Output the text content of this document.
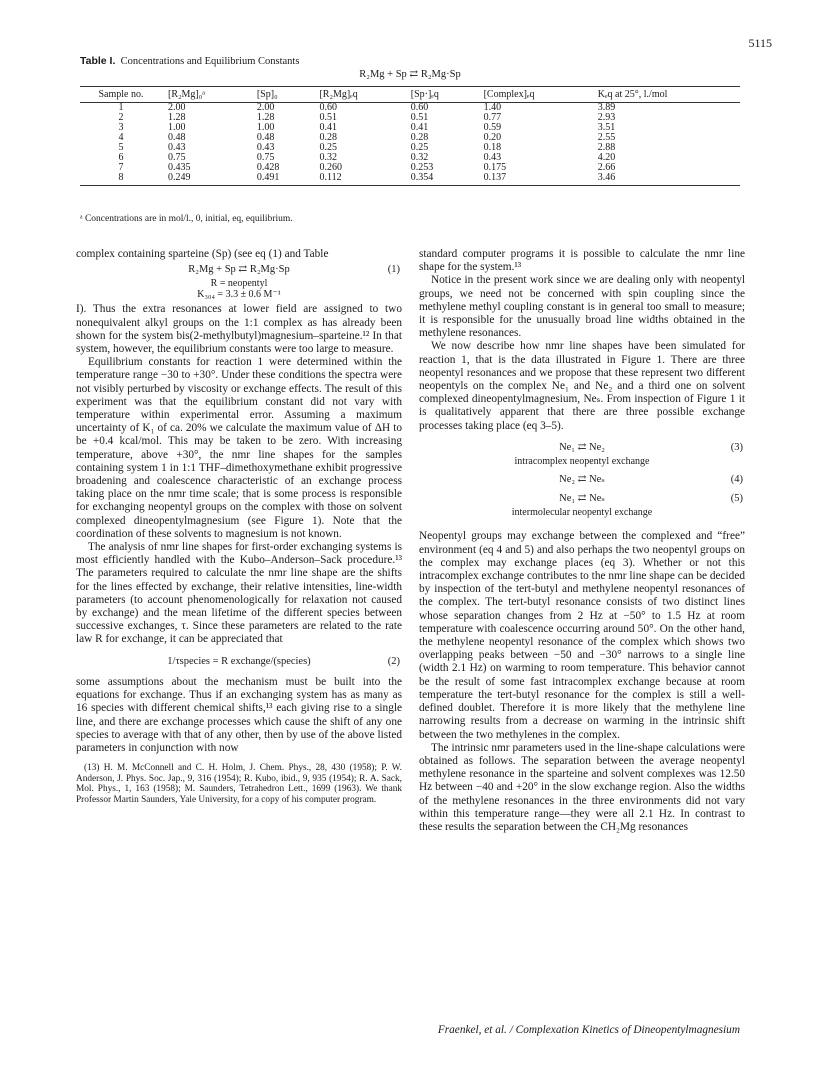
5115
Table I. Concentrations and Equilibrium Constants
R₂Mg + Sp ⇄ R₂Mg·Sp
Sample no.	[R₂Mg]₀ᵃ	[Sp]₀	[R₂Mg]ₑq	[Sp·]ₑq	[Complex]ₑq	Kₑq at 25°, l./mol
1	2.00	2.00	0.60	0.60	1.40	3.89
2	1.28	1.28	0.51	0.51	0.77	2.93
3	1.00	1.00	0.41	0.41	0.59	3.51
4	0.48	0.48	0.28	0.28	0.20	2.55
5	0.43	0.43	0.25	0.25	0.18	2.88
6	0.75	0.75	0.32	0.32	0.43	4.20
7	0.435	0.428	0.260	0.253	0.175	2.66
8	0.249	0.491	0.112	0.354	0.137	3.46
ᵃ Concentrations are in mol/l., 0, initial, eq, equilibrium.

complex containing sparteine (Sp) (see eq (1) and Table

R₂Mg + Sp ⇄ R₂Mg·Sp	(1)
R = neopentyl
K₃₀₄ = 3.3 ± 0.6 M⁻¹

I). Thus the extra resonances at lower field are assigned to two nonequivalent alkyl groups on the 1:1 complex as has already been shown for the system bis(2-methylbutyl)magnesium–sparteine.¹² In that system, however, the equilibrium constants were too large to measure.

Equilibrium constants for reaction 1 were determined within the temperature range −30 to +30°. Under these conditions the spectra were not visibly perturbed by viscosity or exchange effects. The result of this experiment was that the equilibrium constant did not vary with temperature within experimental error. Assuming a maximum uncertainty of K₁ of ca. 20% we calculate the maximum value of ΔH to be +0.4 kcal/mol. This may be taken to be zero. With increasing temperature, above +30°, the nmr line shapes for the samples containing system 1 in 1:1 THF–dimethoxymethane exhibit progressive broadening and coalescence characteristic of an exchange process taking place on the nmr time scale; that is some process is responsible for exchanging neopentyl groups on the complex with those on solvent complexed dineopentylmagnesium (see Figure 1). Note that the coordination of these solvents to magnesium is not known.

The analysis of nmr line shapes for first-order exchanging systems is most efficiently handled with the Kubo–Anderson–Sack procedure.¹³ The parameters required to calculate the nmr line shape are the shifts for the lines effected by exchange, their relative intensities, line-width parameters (to account phenomenologically for relaxation not caused by exchange) and the mean lifetime of the different species between successive exchanges, τ. Since these parameters are related to the rate law R for exchange, it can be appreciated that

1/τspecies = R exchange/(species)	(2)

some assumptions about the mechanism must be built into the equations for exchange. Thus if an exchanging system has as many as 16 species with different chemical shifts,¹³ each giving rise to a single line, and there are exchange processes which cause the shift of any one species to average with that of any other, then by use of the above listed parameters in conjunction with now

(13) H. M. McConnell and C. H. Holm, J. Chem. Phys., 28, 430 (1958); P. W. Anderson, J. Phys. Soc. Jap., 9, 316 (1954); R. Kubo, ibid., 9, 935 (1954); R. A. Sack, Mol. Phys., 1, 163 (1958); M. Saunders, Tetrahedron Lett., 1699 (1963). We thank Professor Martin Saunders, Yale University, for a copy of his computer program.

standard computer programs it is possible to calculate the nmr line shape for the system.¹³

Notice in the present work since we are dealing only with neopentyl groups, we need not be concerned with spin coupling since the methylene methyl coupling constant is in general too small to measure; it is responsible for the unusually broad line widths obtained in the methylene resonances.

We now describe how nmr line shapes have been simulated for reaction 1, that is the data illustrated in Figure 1. There are three neopentyl resonances and we propose that these represent two different neopentyls on the complex Ne₁ and Ne₂ and a third one on solvent complexed dineopentylmagnesium, Neₛ. From inspection of Figure 1 it is qualitatively apparent that there are three possible exchange processes taking place (eq 3–5).

Ne₁ ⇄ Ne₂	(3)
intracomplex neopentyl exchange
Ne₂ ⇄ Neₛ	(4)
Ne₁ ⇄ Neₛ	(5)
intermolecular neopentyl exchange

Neopentyl groups may exchange between the complexed and “free” environment (eq 4 and 5) and also perhaps the two neopentyl groups on the complex may exchange places (eq 3). Whether or not this intracomplex exchange contributes to the nmr line shape can be decided by inspection of the tert-butyl and methylene neopentyl resonances of the complex. The tert-butyl resonance consists of two distinct lines whose separation changes from 2 Hz at −50° to 1.5 Hz at room temperature with coalescence occurring around 50°. On the other hand, the methylene neopentyl resonance of the complex which shows two overlapping peaks between −50 and −30° narrows to a single line (width 2.1 Hz) on warming to room temperature. This behavior cannot be the result of some fast intracomplex exchange because at room temperature the tert-butyl resonance for the complex is still a well-defined doublet. Therefore it is more likely that the methylene line narrowing results from a decrease on warming in the intrinsic shift between the two methylenes in the complex.

The intrinsic nmr parameters used in the line-shape calculations were obtained as follows. The separation between the average neopentyl methylene resonance in the sparteine and solvent complexes was 12.50 Hz between −40 and +20° in the slow exchange region. Also the widths of the methylene resonances in the three environments did not vary within this temperature range—they were all 2.1 Hz. In contrast to these results the separation between the CH₂Mg resonances

Fraenkel, et al. / Complexation Kinetics of Dineopentylmagnesium
